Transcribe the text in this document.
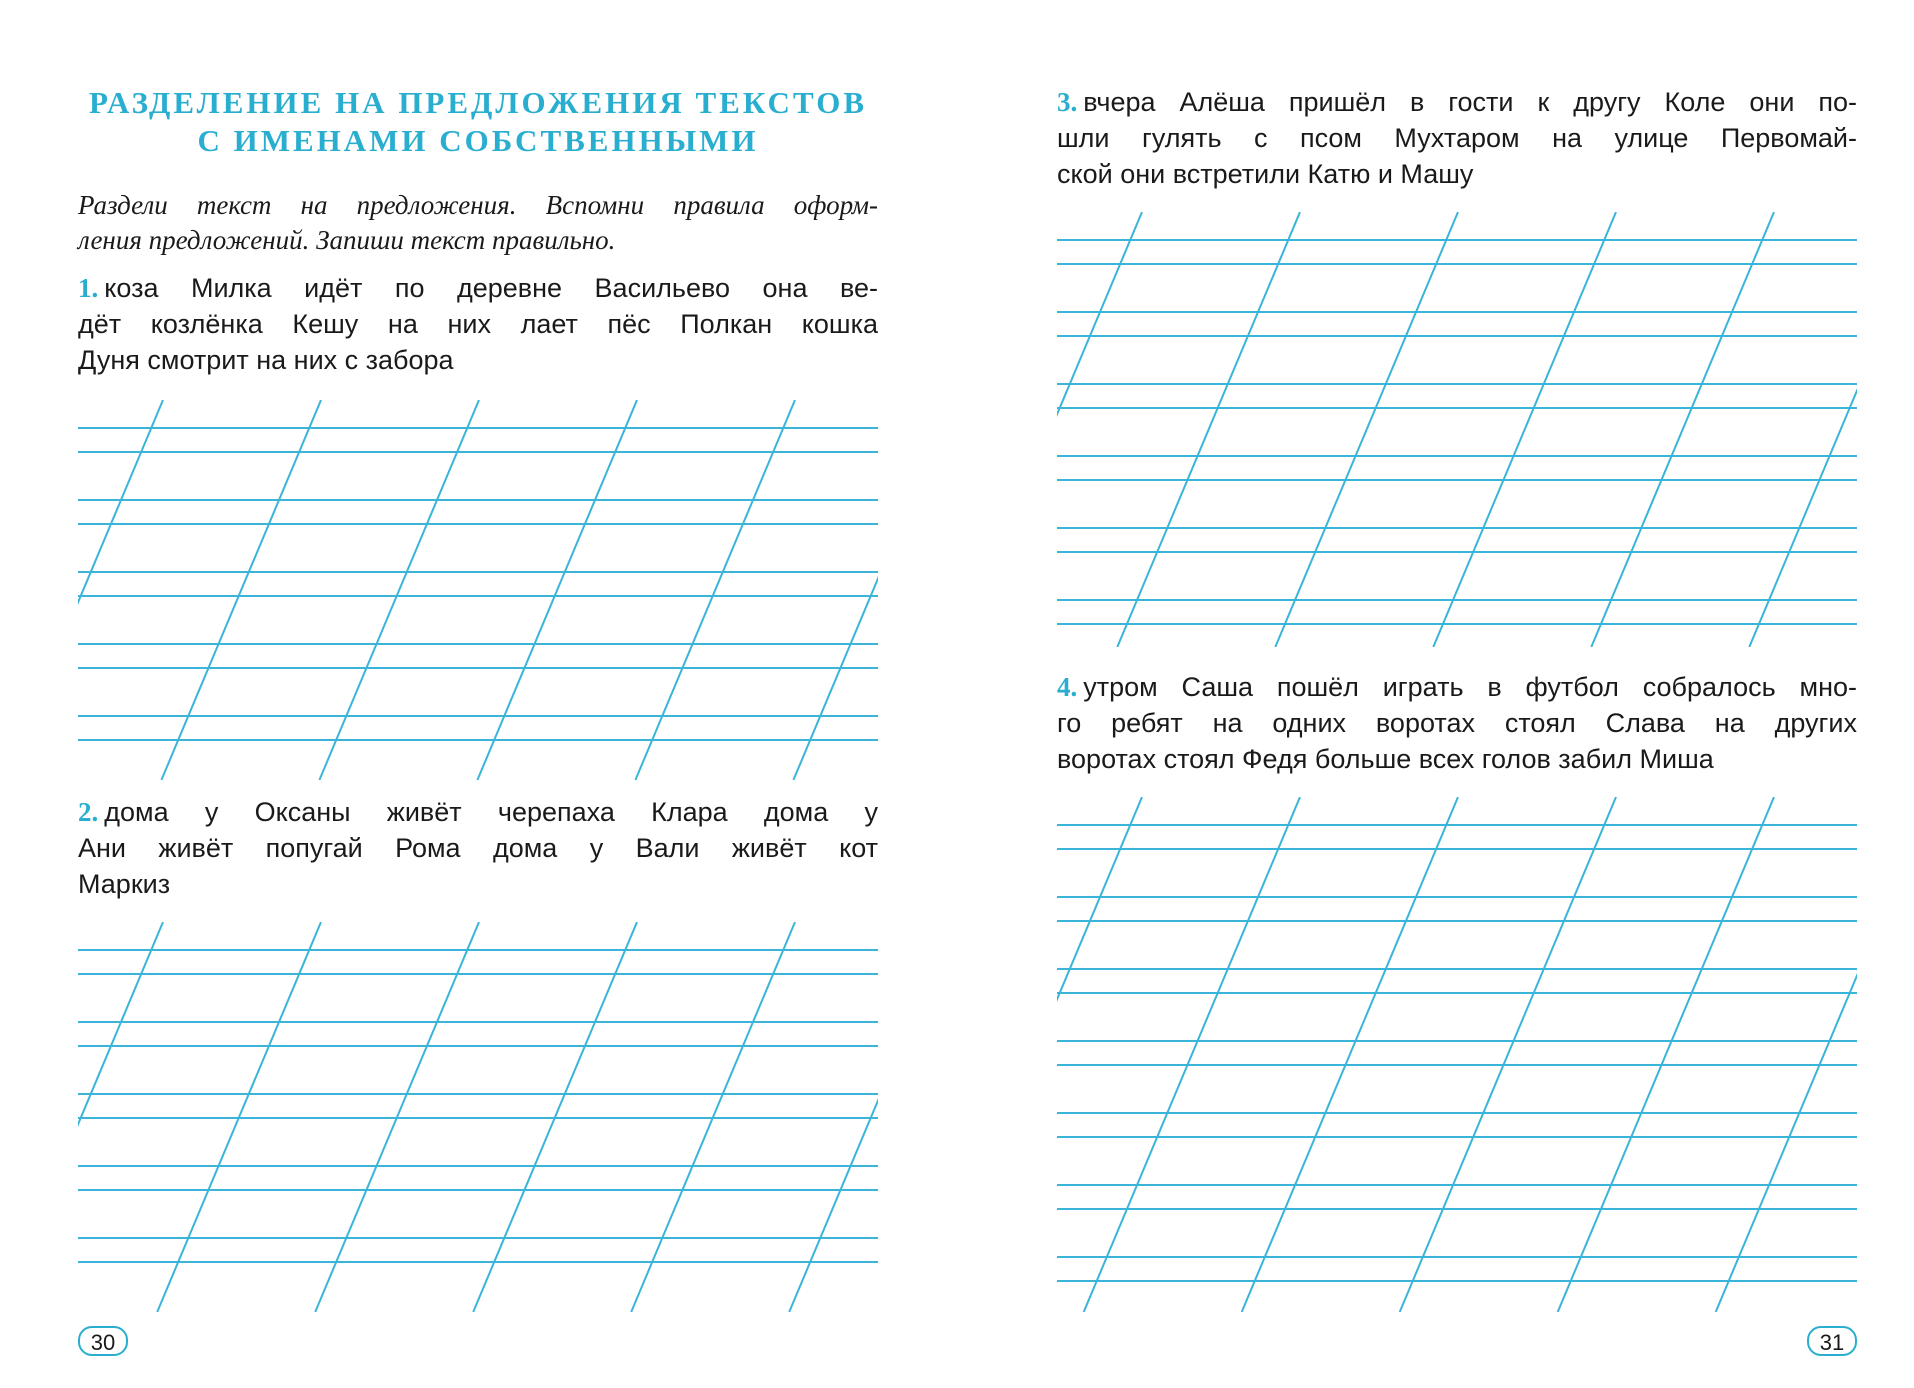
РАЗДЕЛЕНИЕ НА ПРЕДЛОЖЕНИЯ ТЕКСТОВ
С ИМЕНАМИ СОБСТВЕННЫМИ

Раздели текст на предложения. Вспомни правила оформ-
ления предложений. Запиши текст правильно.

1. коза Милка идёт по деревне Васильево она ве-
дёт козлёнка Кешу на них лает пёс Полкан кошка
Дуня смотрит на них с забора
2. дома у Оксаны живёт черепаха Клара дома у
Ани живёт попугай Рома дома у Вали живёт кот
Маркиз
30
3. вчера Алёша пришёл в гости к другу Коле они по-
шли гулять с псом Мухтаром на улице Первомай-
ской они встретили Катю и Машу
4. утром Саша пошёл играть в футбол собралось мно-
го ребят на одних воротах стоял Слава на других
воротах стоял Федя больше всех голов забил Миша
31
